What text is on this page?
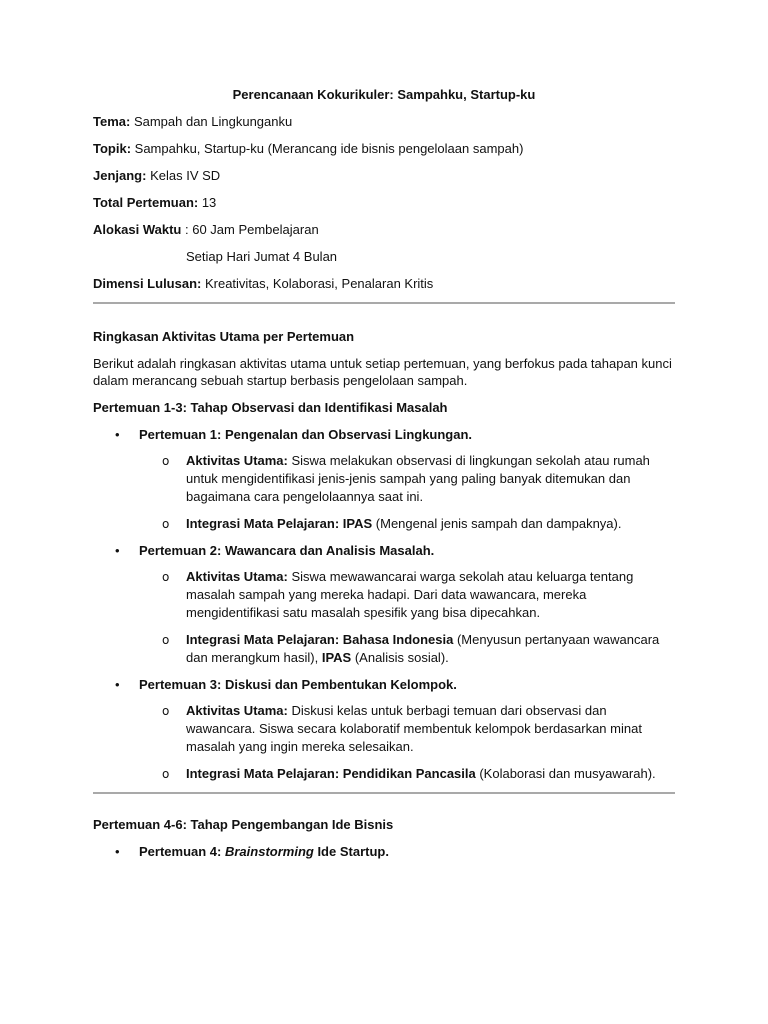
Perencanaan Kokurikuler: Sampahku, Startup-ku
Tema: Sampah dan Lingkunganku
Topik: Sampahku, Startup-ku (Merancang ide bisnis pengelolaan sampah)
Jenjang: Kelas IV SD
Total Pertemuan: 13
Alokasi Waktu : 60 Jam Pembelajaran
Setiap Hari Jumat 4 Bulan
Dimensi Lulusan: Kreativitas, Kolaborasi, Penalaran Kritis
Ringkasan Aktivitas Utama per Pertemuan
Berikut adalah ringkasan aktivitas utama untuk setiap pertemuan, yang berfokus pada tahapan kunci dalam merancang sebuah startup berbasis pengelolaan sampah.
Pertemuan 1-3: Tahap Observasi dan Identifikasi Masalah
• Pertemuan 1: Pengenalan dan Observasi Lingkungan.
o Aktivitas Utama: Siswa melakukan observasi di lingkungan sekolah atau rumah untuk mengidentifikasi jenis-jenis sampah yang paling banyak ditemukan dan bagaimana cara pengelolaannya saat ini.
o Integrasi Mata Pelajaran: IPAS (Mengenal jenis sampah dan dampaknya).
• Pertemuan 2: Wawancara dan Analisis Masalah.
o Aktivitas Utama: Siswa mewawancarai warga sekolah atau keluarga tentang masalah sampah yang mereka hadapi. Dari data wawancara, mereka mengidentifikasi satu masalah spesifik yang bisa dipecahkan.
o Integrasi Mata Pelajaran: Bahasa Indonesia (Menyusun pertanyaan wawancara dan merangkum hasil), IPAS (Analisis sosial).
• Pertemuan 3: Diskusi dan Pembentukan Kelompok.
o Aktivitas Utama: Diskusi kelas untuk berbagi temuan dari observasi dan wawancara. Siswa secara kolaboratif membentuk kelompok berdasarkan minat masalah yang ingin mereka selesaikan.
o Integrasi Mata Pelajaran: Pendidikan Pancasila (Kolaborasi dan musyawarah).
Pertemuan 4-6: Tahap Pengembangan Ide Bisnis
• Pertemuan 4: Brainstorming Ide Startup.
